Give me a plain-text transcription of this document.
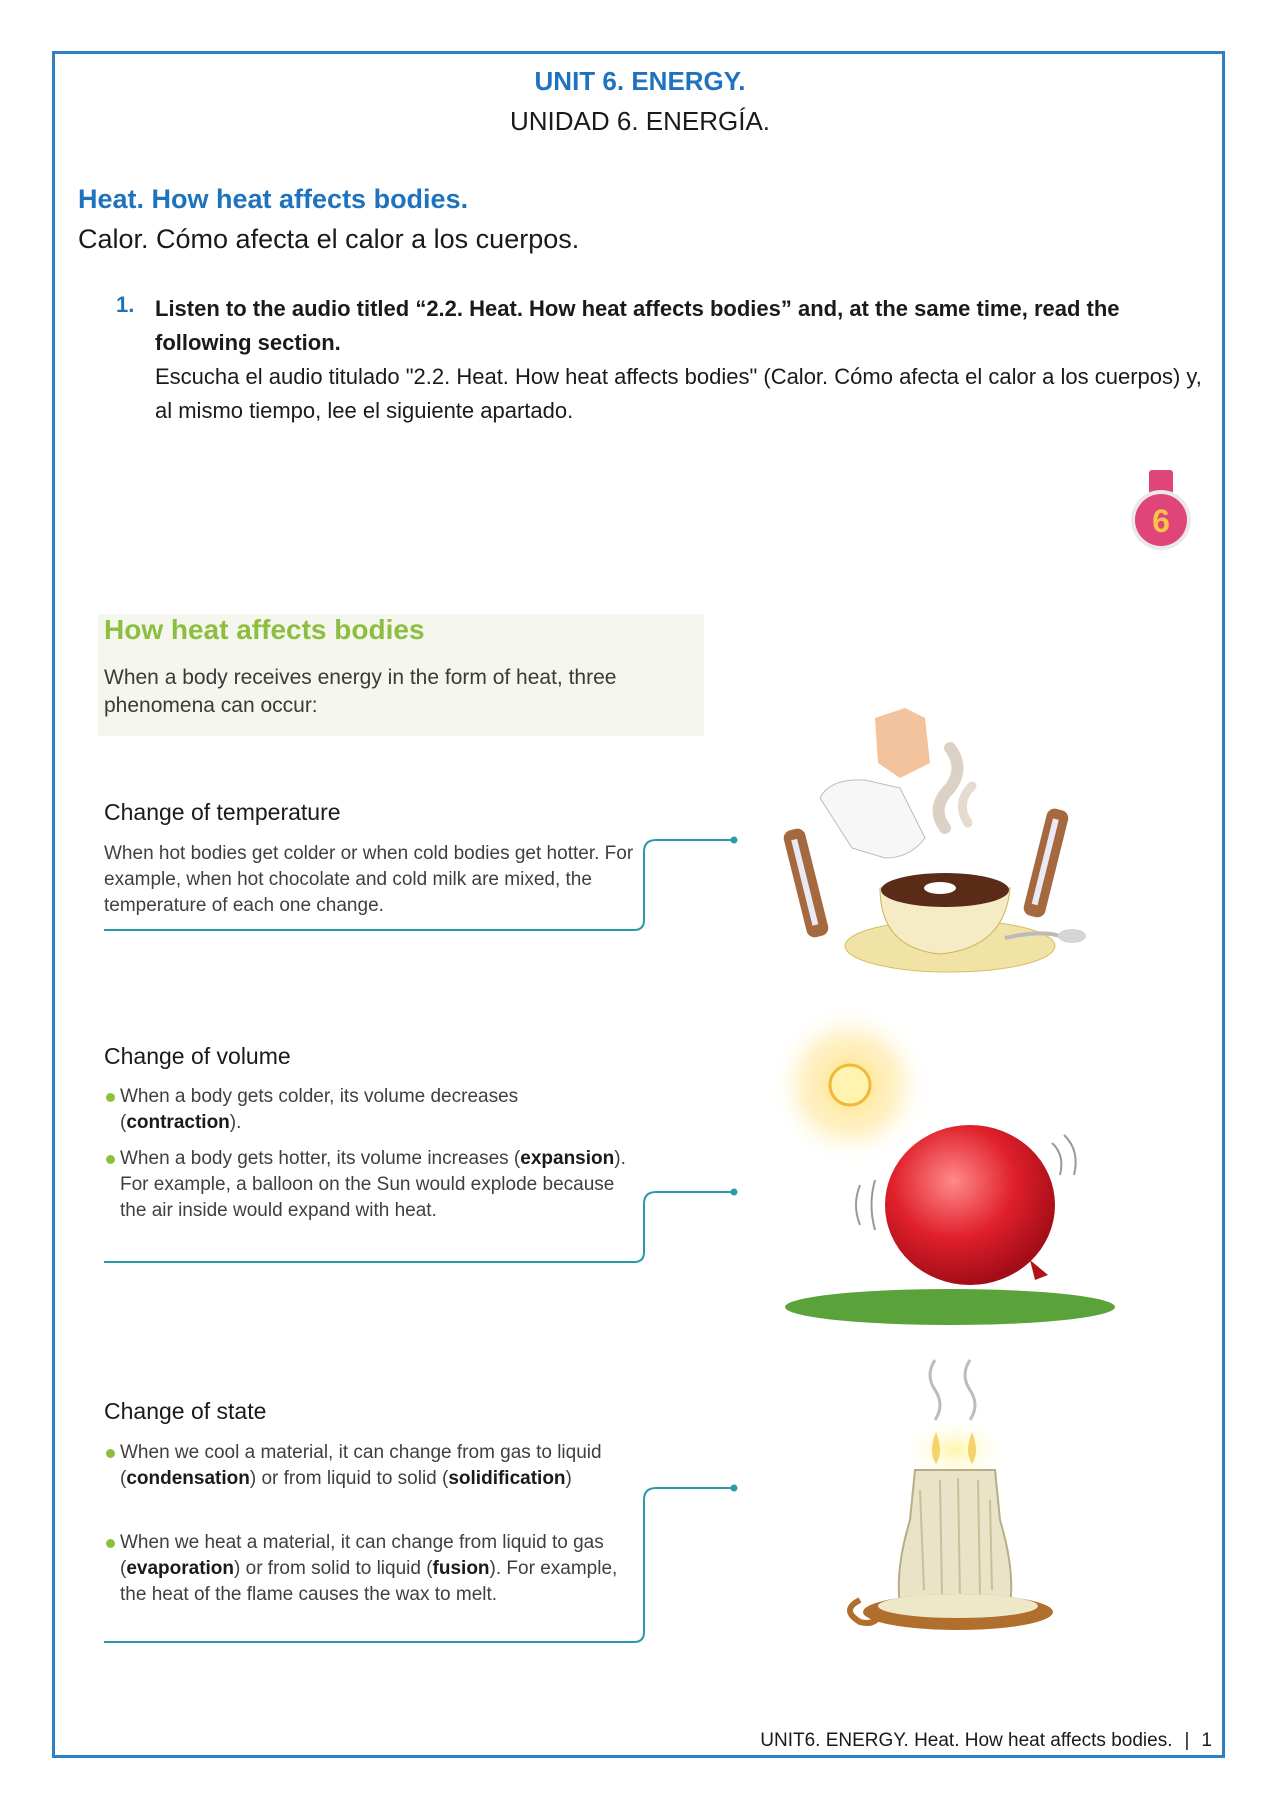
UNIT 6. ENERGY.
UNIDAD 6. ENERGÍA.
Heat. How heat affects bodies.
Calor. Cómo afecta el calor a los cuerpos.
1. Listen to the audio titled “2.2. Heat. How heat affects bodies” and, at the same time, read the following section.
Escucha el audio titulado "2.2. Heat. How heat affects bodies" (Calor. Cómo afecta el calor a los cuerpos) y, al mismo tiempo, lee el siguiente apartado.
6
How heat affects bodies
When a body receives energy in the form of heat, three phenomena can occur:
Change of temperature
When hot bodies get colder or when cold bodies get hotter. For example, when hot chocolate and cold milk are mixed, the temperature of each one change.
Change of volume
When a body gets colder, its volume decreases (contraction).
When a body gets hotter, its volume increases (expansion). For example, a balloon on the Sun would explode because the air inside would expand with heat.
Change of state
When we cool a material, it can change from gas to liquid (condensation) or from liquid to solid (solidification)
When we heat a material, it can change from liquid to gas (evaporation) or from solid to liquid (fusion). For example, the heat of the flame causes the wax to melt.
UNIT6. ENERGY. Heat. How heat affects bodies. | 1
